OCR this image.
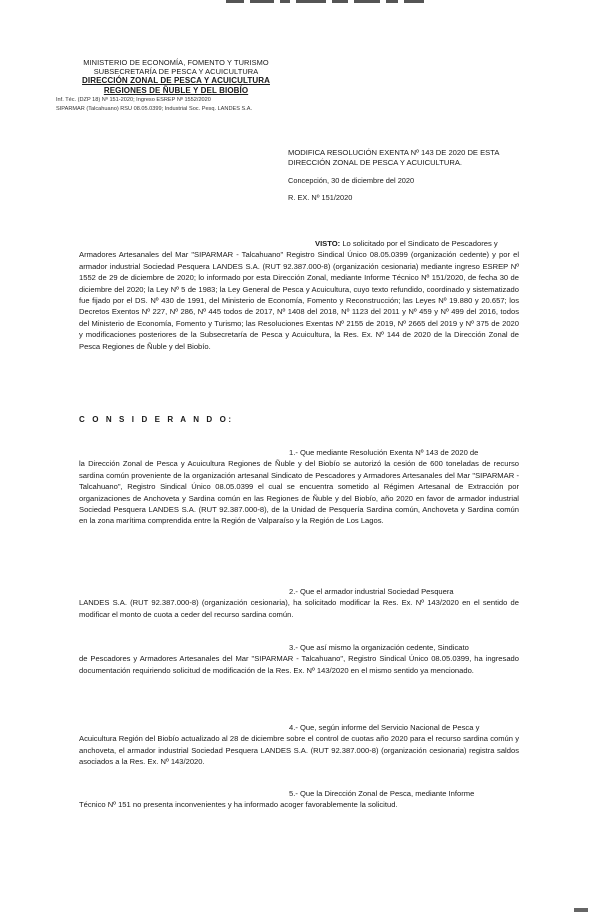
MINISTERIO DE ECONOMÍA, FOMENTO Y TURISMO
SUBSECRETARÍA DE PESCA Y ACUICULTURA
DIRECCIÓN ZONAL DE PESCA Y ACUICULTURA
REGIONES DE ÑUBLE Y DEL BIOBÍO
Inf. Téc. (DZP 18) Nº 151-2020; Ingreso ESREP Nº 1552/2020
SIPARMAR (Talcahuano) RSU 08.05.0399; Industrial Soc. Pesq. LANDES S.A.
MODIFICA RESOLUCIÓN EXENTA Nº 143 DE 2020 DE ESTA DIRECCIÓN ZONAL DE PESCA Y ACUICULTURA.
Concepción, 30 de diciembre del 2020
R. EX. Nº 151/2020
VISTO: Lo solicitado por el Sindicato de Pescadores y
Armadores Artesanales del Mar "SIPARMAR - Talcahuano" Registro Sindical Único 08.05.0399 (organización cedente) y por el armador industrial Sociedad Pesquera LANDES S.A. (RUT 92.387.000-8) (organización cesionaria) mediante ingreso ESREP Nº 1552 de 29 de diciembre de 2020; lo informado por esta Dirección Zonal, mediante Informe Técnico Nº 151/2020, de fecha 30 de diciembre del 2020; la Ley Nº 5 de 1983; la Ley General de Pesca y Acuicultura, cuyo texto refundido, coordinado y sistematizado fue fijado por el DS. Nº 430 de 1991, del Ministerio de Economía, Fomento y Reconstrucción; las Leyes Nº 19.880 y 20.657; los Decretos Exentos Nº 227, Nº 286, Nº 445 todos de 2017, Nº 1408 del 2018, Nº 1123 del 2011 y Nº 459 y Nº 499 del 2016, todos del Ministerio de Economía, Fomento y Turismo; las Resoluciones Exentas Nº 2155 de 2019, Nº 2665 del 2019 y Nº 375 de 2020 y modificaciones posteriores de la Subsecretaría de Pesca y Acuicultura, la Res. Ex. Nº 144 de 2020 de la Dirección Zonal de Pesca Regiones de Ñuble y del Biobío.
C O N S I D E R A N D O:
1.- Que mediante Resolución Exenta Nº 143 de 2020 de
la Dirección Zonal de Pesca y Acuicultura Regiones de Ñuble y del Biobío se autorizó la cesión de 600 toneladas de recurso sardina común proveniente de la organización artesanal Sindicato de Pescadores y Armadores Artesanales del Mar "SIPARMAR - Talcahuano", Registro Sindical Único 08.05.0399 el cual se encuentra sometido al Régimen Artesanal de Extracción por organizaciones de Anchoveta y Sardina común en las Regiones de Ñuble y del Biobío, año 2020 en favor de armador industrial Sociedad Pesquera LANDES S.A. (RUT 92.387.000-8), de la Unidad de Pesquería Sardina común, Anchoveta y Sardina común en la zona marítima comprendida entre la Región de Valparaíso y la Región de Los Lagos.
2.- Que el armador industrial Sociedad Pesquera
LANDES S.A. (RUT 92.387.000-8) (organización cesionaria), ha solicitado modificar la Res. Ex. Nº 143/2020 en el sentido de modificar el monto de cuota a ceder del recurso sardina común.
3.- Que así mismo la organización cedente, Sindicato
de Pescadores y Armadores Artesanales del Mar "SIPARMAR - Talcahuano", Registro Sindical Único 08.05.0399, ha ingresado documentación requiriendo solicitud de modificación de la Res. Ex. Nº 143/2020 en el mismo sentido ya mencionado.
4.- Que, según informe del Servicio Nacional de Pesca y
Acuicultura Región del Biobío actualizado al 28 de diciembre sobre el control de cuotas año 2020 para el recurso sardina común y anchoveta, el armador industrial Sociedad Pesquera LANDES S.A. (RUT 92.387.000-8) (organización cesionaria) registra saldos asociados a la Res. Ex. Nº 143/2020.
5.- Que la Dirección Zonal de Pesca, mediante Informe
Técnico Nº 151 no presenta inconvenientes y ha informado acoger favorablemente la solicitud.
